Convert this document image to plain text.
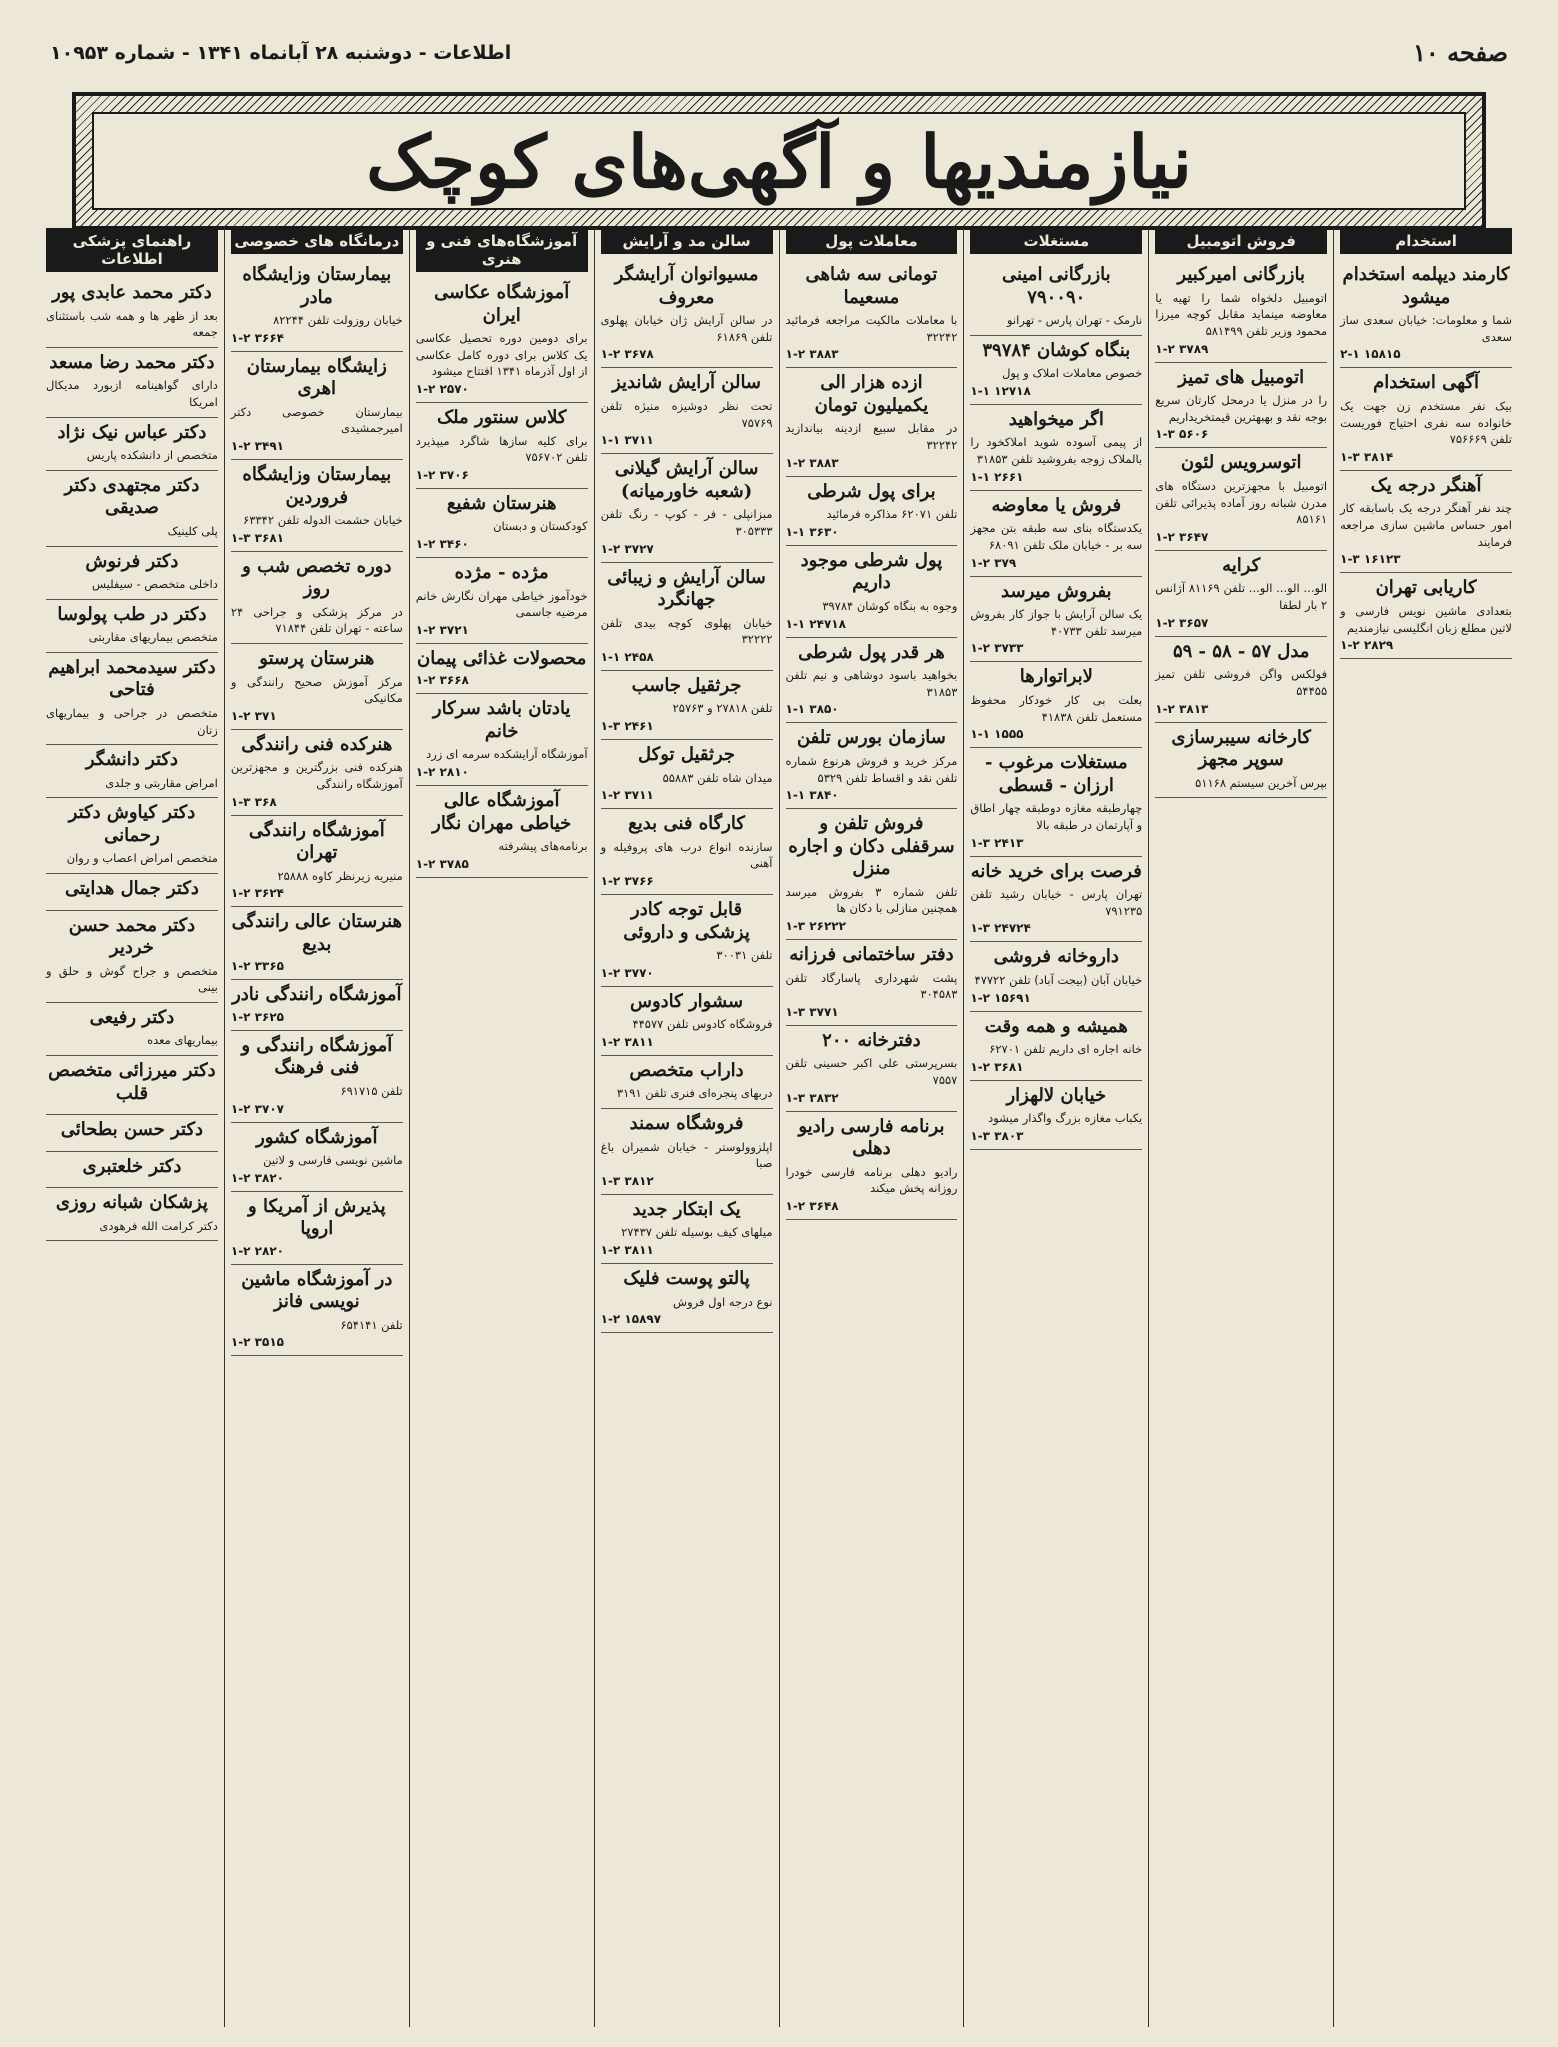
صفحه ۱۰
اطلاعات - دوشنبه ۲۸ آبانماه ۱۳۴۱ - شماره ۱۰۹۵۳
نیازمندیها و آگهی‌های کوچک
استخدام
کارمند دیپلمه استخدام میشود

شما و معلومات: خیابان سعدی ساز سعدی

۲-۱ ۱۵۸۱۵
آگهی استخدام

بیک نفر مستخدم زن جهت یک خانواده سه نفری احتیاج فوریست تلفن ۷۵۶۶۶۹

۱-۳ ۳۸۱۴
آهنگر درجه یک

چند نفر آهنگر درجه یک باسابقه کار امور حساس ماشین سازی مراجعه فرمایند

۱-۳ ۱۶۱۲۳
کاریابی تهران

بتعدادی ماشین نویس فارسی و لاتین مطلع زبان انگلیسی نیازمندیم

۱-۲ ۲۸۲۹
فروش اتومبیل
بازرگانی امیرکبیر

اتومبیل دلخواه شما را تهیه یا معاوضه مینماید مقابل کوچه میرزا محمود وزیر تلفن ۵۸۱۴۹۹

۱-۲ ۳۷۸۹
اتومبیل های تمیز

را در منزل یا درمحل کارتان سریع بوجه نقد و بهبهترین قیمتخریداریم

۱-۳ ۵۶۰۶
اتوسرویس لئون

اتومبیل با مجهزترین دستگاه های مدرن شبانه روز آماده پذیرائی تلفن ۸۵۱۶۱

۱-۲ ۳۶۴۷
کرایه

الو... الو... الو... تلفن ۸۱۱۶۹ آژانس ۲ بار لطفا

۱-۲ ۳۶۵۷
مدل ۵۷ - ۵۸ - ۵۹

فولکس واگن فروشی تلفن تمیز ۵۴۴۵۵

۱-۲ ۳۸۱۳
کارخانه سیبرسازی سوپر مجهز

بپرس آخرین سیستم ۵۱۱۶۸

مستغلات
بازرگانی امینی ۷۹۰۰۹۰

نارمک - تهران پارس - تهرانو

بنگاه کوشان ۳۹۷۸۴

خصوص معاملات املاک و پول

۱-۱ ۱۲۷۱۸
اگر میخواهید

از پیمی آسوده شوید املاکخود را بالملاک زوجه بفروشید تلفن ۳۱۸۵۳

۱-۱ ۲۶۶۱
فروش یا معاوضه

یکدستگاه بنای سه طبقه بتن مجهز سه بر - خیابان ملک تلفن ۶۸۰۹۱

۱-۲ ۳۷۹
بفروش میرسد

یک سالن آرایش با جواز کار بفروش میرسد تلفن ۴۰۷۳۳

۱-۲ ۳۷۳۳
لابراتوارها

بعلت بی کار خودکار محفوظ مستعمل تلفن ۴۱۸۳۸

۱-۱ ۱۵۵۵
مستغلات مرغوب - ارزان - قسطی

چهارطبقه مغازه دوطبقه چهار اطاق و آپارتمان در طبقه بالا

۱-۳ ۲۴۱۳
فرصت برای خرید خانه

تهران پارس - خیابان رشید تلفن ۷۹۱۲۳۵

۱-۳ ۲۴۷۲۴
داروخانه فروشی

خیابان آبان (بیجت آباد) تلفن ۴۷۷۲۲

۱-۲ ۱۵۶۹۱
همیشه و همه وقت

خانه اجاره ای داریم تلفن ۶۲۷۰۱

۱-۲ ۳۶۸۱
خیابان لالهزار

یکباب مغازه بزرگ واگذار میشود

۱-۳ ۳۸۰۳
معاملات پول
تومانی سه شاهی مسعیما

با معاملات مالکیت مراجعه فرمائید ۳۲۲۴۲

۱-۲ ۳۸۸۳
ازده هزار الی یکمیلیون تومان

در مقابل سبیع ازدینه بیاندازید ۳۲۲۴۲

۱-۲ ۳۸۸۳
برای پول شرطی

تلفن ۶۲۰۷۱ مذاکره فرمائید

۱-۱ ۳۶۳۰
پول شرطی موجود داریم

وجوه به بنگاه کوشان ۳۹۷۸۴

۱-۱ ۲۴۷۱۸
هر قدر پول شرطی

بخواهید باسود دوشاهی و نیم تلفن ۳۱۸۵۳

۱-۱ ۳۸۵۰
سازمان بورس تلفن

مرکز خرید و فروش هرنوع شماره تلفن نقد و اقساط تلفن ۵۳۲۹

۱-۱ ۳۸۴۰
فروش تلفن و سرقفلی دکان و اجاره منزل

تلفن شماره ۳ بفروش میرسد همچنین منازلی با دکان ها

۱-۳ ۲۶۲۲۲
دفتر ساختمانی فرزانه

پشت شهرداری پاسارگاد تلفن ۳۰۴۵۸۳

۱-۳ ۳۷۷۱
دفترخانه ۲۰۰

بسرپرستی علی اکبر حسینی تلفن ۷۵۵۷

۱-۳ ۳۸۳۲
برنامه فارسی رادیو دهلی

رادیو دهلی برنامه فارسی خودرا روزانه پخش میکند

۱-۲ ۳۶۴۸
سالن مد و آرایش
مسیوانوان آرایشگر معروف

در سالن آرایش ژان خیابان پهلوی تلفن ۶۱۸۶۹

۱-۲ ۳۶۷۸
سالن آرایش شاندیز

تحت نظر دوشیزه منیژه تلفن ۷۵۷۶۹

۱-۱ ۳۷۱۱
سالن آرایش گیلانی (شعبه خاورمیانه)

مبزانپلی - فر - کوپ - رنگ تلفن ۳۰۵۳۳۳

۱-۲ ۳۷۲۷
سالن آرایش و زیبائی جهانگرد

خیابان پهلوی کوچه بیدی تلفن ۳۲۲۲۲

۱-۱ ۲۴۵۸
جرثقیل جاسب

تلفن ۲۷۸۱۸ و ۲۵۷۶۳

۱-۳ ۲۴۶۱
جرثقیل توکل

میدان شاه تلفن ۵۵۸۸۳

۱-۲ ۳۷۱۱
کارگاه فنی بدیع

سازنده انواع درب های پروفیله و آهنی

۱-۲ ۳۷۶۶
قابل توجه کادر پزشکی و داروئی

تلفن ۳۰۰۳۱

۱-۲ ۳۷۷۰
سشوار کادوس

فروشگاه کادوس تلفن ۴۴۵۷۷

۱-۲ ۳۸۱۱
داراب متخصص

دربهای پنجره‌ای فنری تلفن ۳۱۹۱

فروشگاه سمند

اپلزوولوستر - خیابان شمیران باغ صبا

۱-۳ ۳۸۱۲
یک ابتکار جدید

میلهای کیف بوسیله تلفن ۲۷۴۳۷

۱-۲ ۳۸۱۱
پالتو پوست فلیک

نوع درجه اول فروش

۱-۲ ۱۵۸۹۷
آموزشگاه‌های فنی و هنری
آموزشگاه عکاسی ایران

برای دومین دوره تحصیل عکاسی یک کلاس برای دوره کامل عکاسی از اول آذرماه ۱۳۴۱ افتتاح میشود

۱-۲ ۲۵۷۰
کلاس سنتور ملک

برای کلیه سازها شاگرد میپذیرد تلفن ۷۵۶۷۰۲

۱-۲ ۳۷۰۶
هنرستان شفیع

کودکستان و دبستان

۱-۲ ۳۴۶۰
مژده - مژده

خودآموز خیاطی مهران نگارش خانم مرضیه جاسمی

۱-۲ ۳۷۲۱
محصولات غذائی پیمان
۱-۲ ۳۶۶۸
یادتان باشد سرکار خانم

آموزشگاه آرایشکده سرمه ای زرد

۱-۲ ۲۸۱۰
آموزشگاه عالی خیاطی مهران نگار

برنامه‌های پیشرفته

۱-۲ ۳۷۸۵
درمانگاه های خصوصی
بیمارستان وزایشگاه مادر

خیابان روزولت تلفن ۸۲۲۴۴

۱-۲ ۳۶۶۴
زایشگاه بیمارستان اهری

بیمارستان خصوصی دکتر امیرجمشیدی

۱-۲ ۳۴۹۱
بیمارستان وزایشگاه فروردین

خیابان حشمت الدوله تلفن ۶۳۳۴۲

۱-۳ ۳۶۸۱
دوره تخصص شب و روز

در مرکز پزشکی و جراحی ۲۴ ساعته - تهران تلفن ۷۱۸۴۴

هنرستان پرستو

مرکز آموزش صحیح رانندگی و مکانیکی

۱-۲ ۳۷۱
هنرکده فنی رانندگی

هنرکده فنی بزرگترین و مجهزترین آموزشگاه رانندگی

۱-۳ ۳۶۸
آموزشگاه رانندگی تهران

منیریه زیرنظر کاوه ۲۵۸۸۸

۱-۲ ۳۶۲۴
هنرستان عالی رانندگی بدیع
۱-۲ ۳۳۶۵
آموزشگاه رانندگی نادر
۱-۲ ۳۶۲۵
آموزشگاه رانندگی و فنی فرهنگ

تلفن ۶۹۱۷۱۵

۱-۲ ۳۷۰۷
آموزشگاه کشور

ماشین نویسی فارسی و لاتین

۱-۲ ۳۸۲۰
پذیرش از آمریکا و اروپا
۱-۲ ۲۸۲۰
در آموزشگاه ماشین نویسی فانز

تلفن ۶۵۴۱۴۱

۱-۲ ۳۵۱۵
راهنمای پزشکی اطلاعات
دکتر محمد عابدی پور

بعد از ظهر ها و همه شب باستثنای جمعه

دکتر محمد رضا مسعد

دارای گواهینامه ازبورد مدیکال امریکا

دکتر عباس نیک نژاد

متخصص از دانشکده پاریس

دکتر مجتهدی دکتر صدیقی

پلی کلینیک

دکتر فرنوش

داخلی متخصص - سیفلیس

دکتر در طب پولوسا

متخصص بیماریهای مقاربتی

دکتر سیدمحمد ابراهیم فتاحی

متخصص در جراحی و بیماریهای زنان

دکتر دانشگر

امراض مقاربتی و جلدی

دکتر کیاوش دکتر رحمانی

متخصص امراض اعصاب و روان

دکتر جمال هدایتی
دکتر محمد حسن خردیر

متخصص و جراح گوش و حلق و بینی

دکتر رفیعی

بیماریهای معده

دکتر میرزائی متخصص قلب
دکتر حسن بطحائی
دکتر خلعتبری
پزشکان شبانه روزی

دکتر کرامت الله فرهودی
